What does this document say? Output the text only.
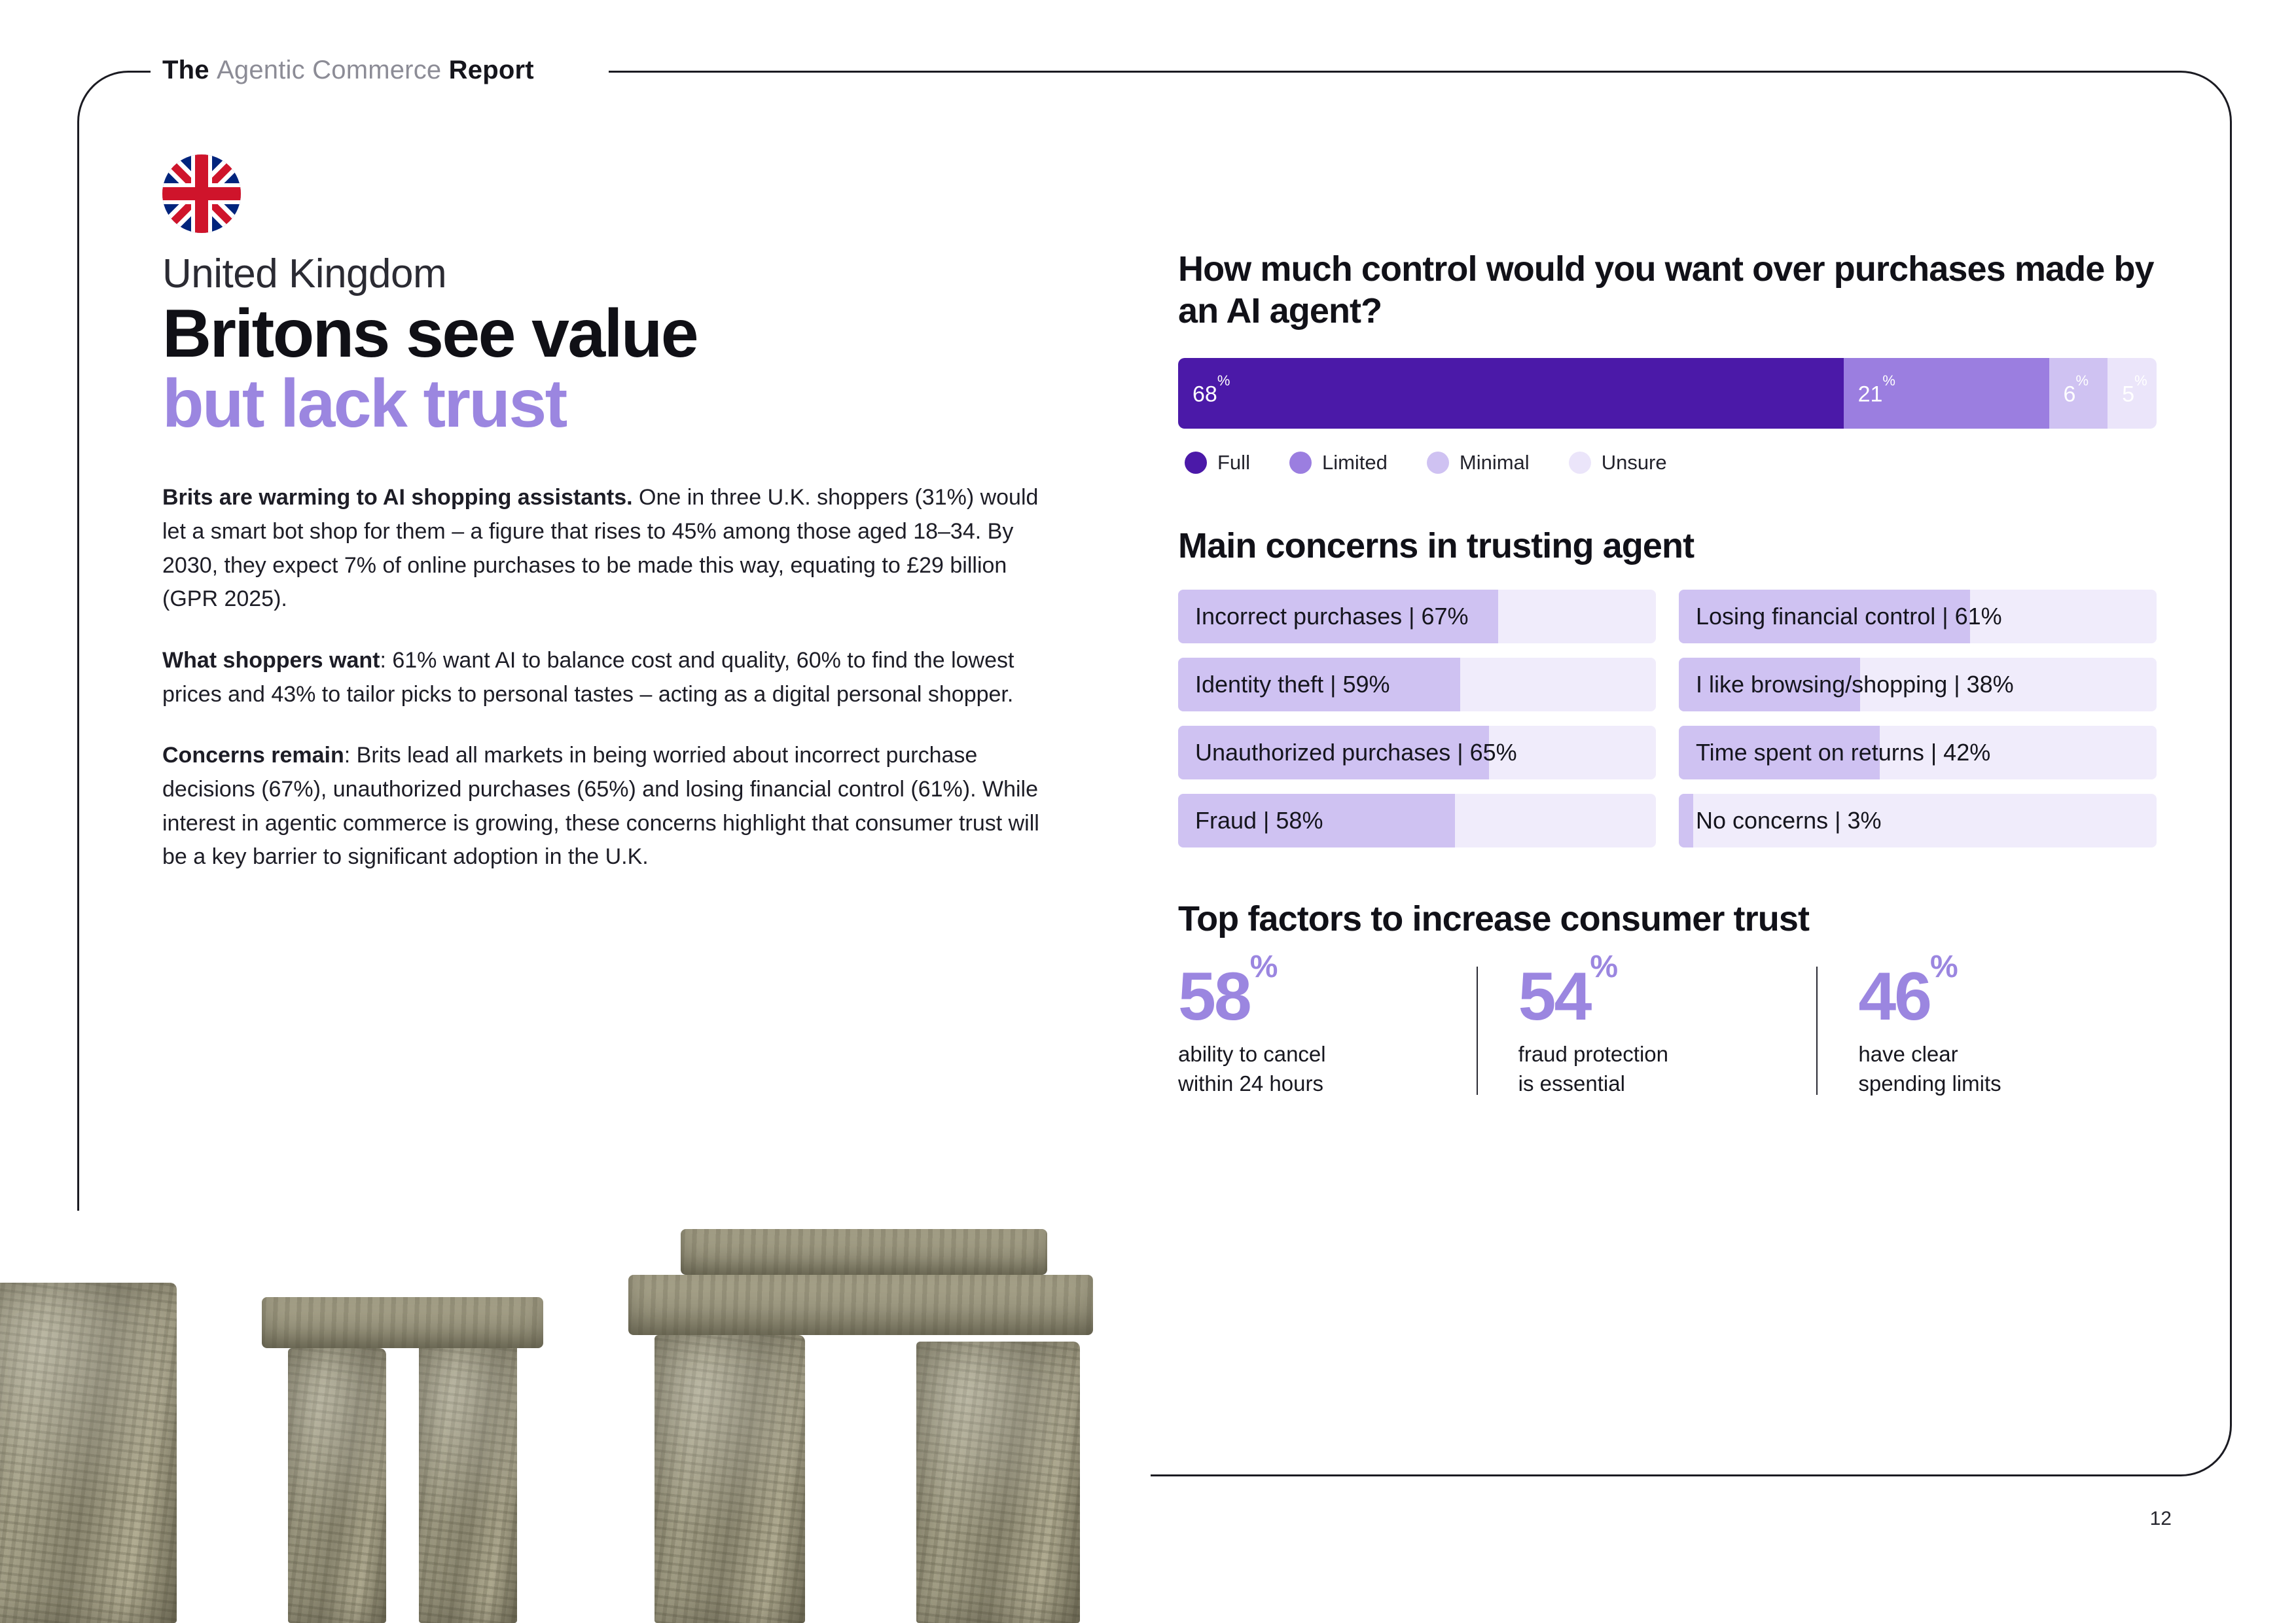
The Agentic Commerce Report
United Kingdom
Britons see value
but lack trust

Brits are warming to AI shopping assistants. One in three U.K. shoppers (31%) would let a smart bot shop for them – a figure that rises to 45% among those aged 18–34. By 2030, they expect 7% of online purchases to be made this way, equating to £29 billion (GPR 2025).

What shoppers want: 61% want AI to balance cost and quality, 60% to find the lowest prices and 43% to tailor picks to personal tastes – acting as a digital personal shopper.

Concerns remain: Brits lead all markets in being worried about incorrect purchase decisions (67%), unauthorized purchases (65%) and losing financial control (61%). While interest in agentic commerce is growing, these concerns highlight that consumer trust will be a key barrier to significant adoption in the U.K.

How much control would you want over purchases made by an AI agent?
68%
21%
6%
5%
Full	Limited	Minimal	Unsure
Main concerns in trusting agent
Incorrect purchases | 67%	Losing financial control | 61%
Identity theft | 59%	I like browsing/shopping | 38%
Unauthorized purchases | 65%	Time spent on returns | 42%
Fraud | 58%	No concerns | 3%
Top factors to increase consumer trust
58%
ability to cancel
within 24 hours
54%
fraud protection
is essential
46%
have clear
spending limits
12
